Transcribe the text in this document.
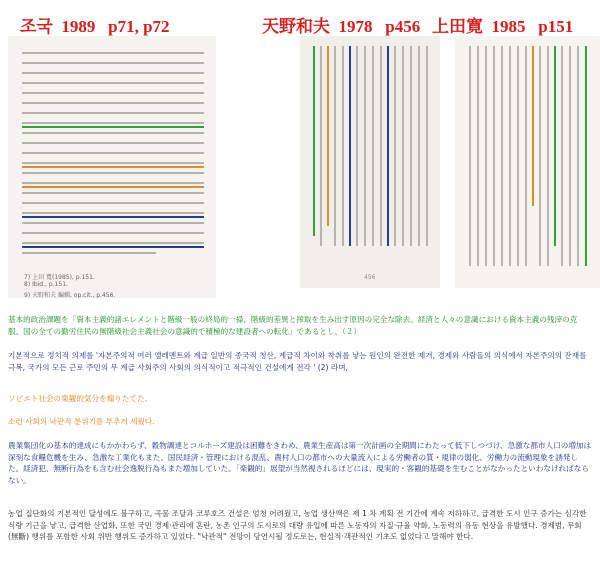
조국 1989 p71, p72	天野和夫 1978 p456 上田寛 1985 p151
7) 上田 寬(1985), p.151.
8) Ibid., p.151.
9) 天野和夫 編輯, op.cit., p.456.
456

基本的政治課題を「資本主義的諸エレメントと階級一般の終局的一掃、階級的差異と搾取を生み出す原因の完全な除去、経済と人々の意識における資本主義の残滓の克服、国の全ての勤労住民の無階級社会主義社会の意識的で積極的な建設者への転化」であるとし、（２）

기본적으로 정치적 의제를 '자본주의적 여러 엘레멘트와 계급 일반의 종국적 청산, 계급적 차이와 착취를 낳는 원인의 완전한 제거, 경제와 사람들의 의식에서 자본주의의 잔재를 극복, 국가의 모든 근로 주민의 무 계급 사회주의 사회의 의식적이고 적극적인 건설에게 전각 ' (2) 라며,

ソビエト社会の楽観的気分を煽りたてた。

소련 사회의 낙관적 분위기를 부추겨 세웠다.

農業集団化の基本的達成にもかかわらず、穀物調達とコルホーズ建設は困難をきわめ、農業生産高は第一次計画の全期間にわたって低下しつづけ、急激な都市人口の増加は深刻な食糧危機を生み、急激な工業化もまた、国民経済・管理における混乱、農村人口の都市への大量流入による労働者の質・規律の弱化、労働力の流動現象を誘発した。経済犯、無断行為をも含む社会逸脱行為もまた増加していた。「楽観的」展望が当然視されるほどには、現実的・客観的基礎を生むことがなかったといわなければならない。

농업 집단화의 기본적인 달성에도 불구하고, 곡물 조달과 코루호즈 건설은 엄청 어려웠고, 농업 생산액은 제 1 차 계획 전 기간에 계속 저하하고, 급격한 도시 인구 증가는 심각한 식량 기근을 낳고, 급격한 산업화, 또한 국민 경제·관리에 혼란, 농촌 인구의 도시로의 대량 유입에 따른 노동자의 자질·규율 약화, 노동력의 유동 현상을 유발했다. 경제범, 무회(無斷) 행위를 포함한 사회 위반 행위도 증가하고 있었다. "낙관적" 전망이 당연시될 정도로는, 현실적·객관적인 기초도 없었다고 말해야 한다.
